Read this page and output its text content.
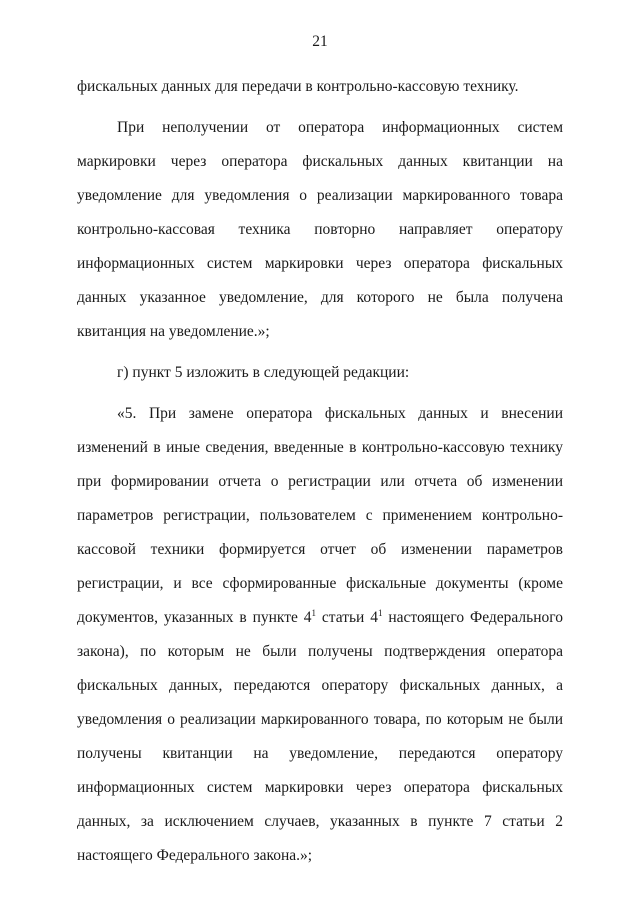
21

фискальных данных для передачи в контрольно-кассовую технику.

При неполучении от оператора информационных систем маркировки через оператора фискальных данных квитанции на уведомление для уведомления о реализации маркированного товара контрольно-кассовая техника повторно направляет оператору информационных систем маркировки через оператора фискальных данных указанное уведомление, для которого не была получена квитанция на уведомление.»;

г) пункт 5 изложить в следующей редакции:

«5. При замене оператора фискальных данных и внесении изменений в иные сведения, введенные в контрольно-кассовую технику при формировании отчета о регистрации или отчета об изменении параметров регистрации, пользователем с применением контрольно-кассовой техники формируется отчет об изменении параметров регистрации, и все сформированные фискальные документы (кроме документов, указанных в пункте $4^1$ статьи $4^1$ настоящего Федерального закона), по которым не были получены подтверждения оператора фискальных данных, передаются оператору фискальных данных, а уведомления о реализации маркированного товара, по которым не были получены квитанции на уведомление, передаются оператору информационных систем маркировки через оператора фискальных данных, за исключением случаев, указанных в пункте 7 статьи 2 настоящего Федерального закона.»;
